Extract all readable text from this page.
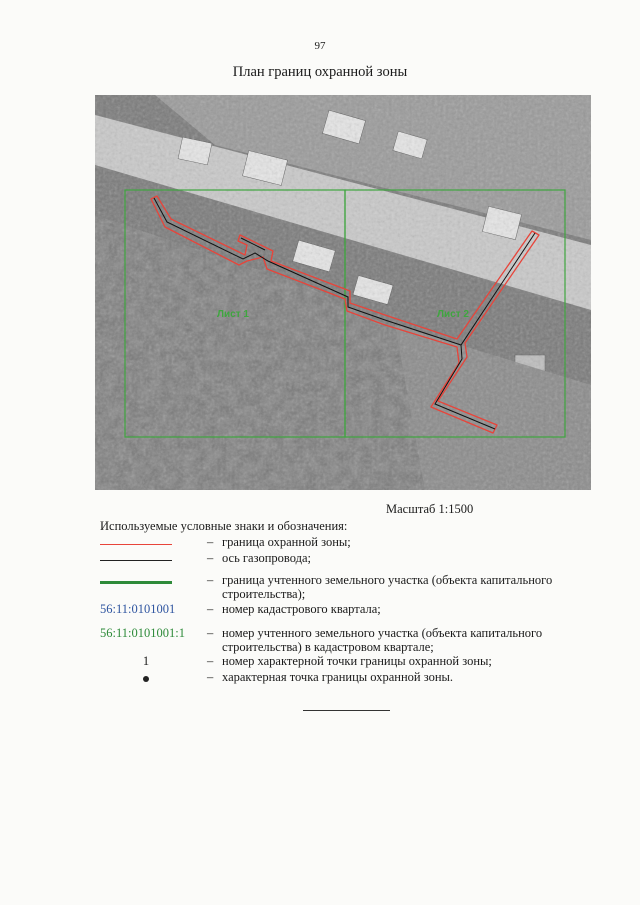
97
План границ охранной зоны
Лист 1	Лист 2
Масштаб 1:1500
Используемые условные знаки и обозначения:
– граница охранной зоны;
– ось газопровода;
– граница учтенного земельного участка (объекта капитального строительства);
56:11:0101001	– номер кадастрового квартала;
56:11:0101001:1	– номер учтенного земельного участка (объекта капитального строительства) в кадастровом квартале;
1	– номер характерной точки границы охранной зоны;
– характерная точка границы охранной зоны.
